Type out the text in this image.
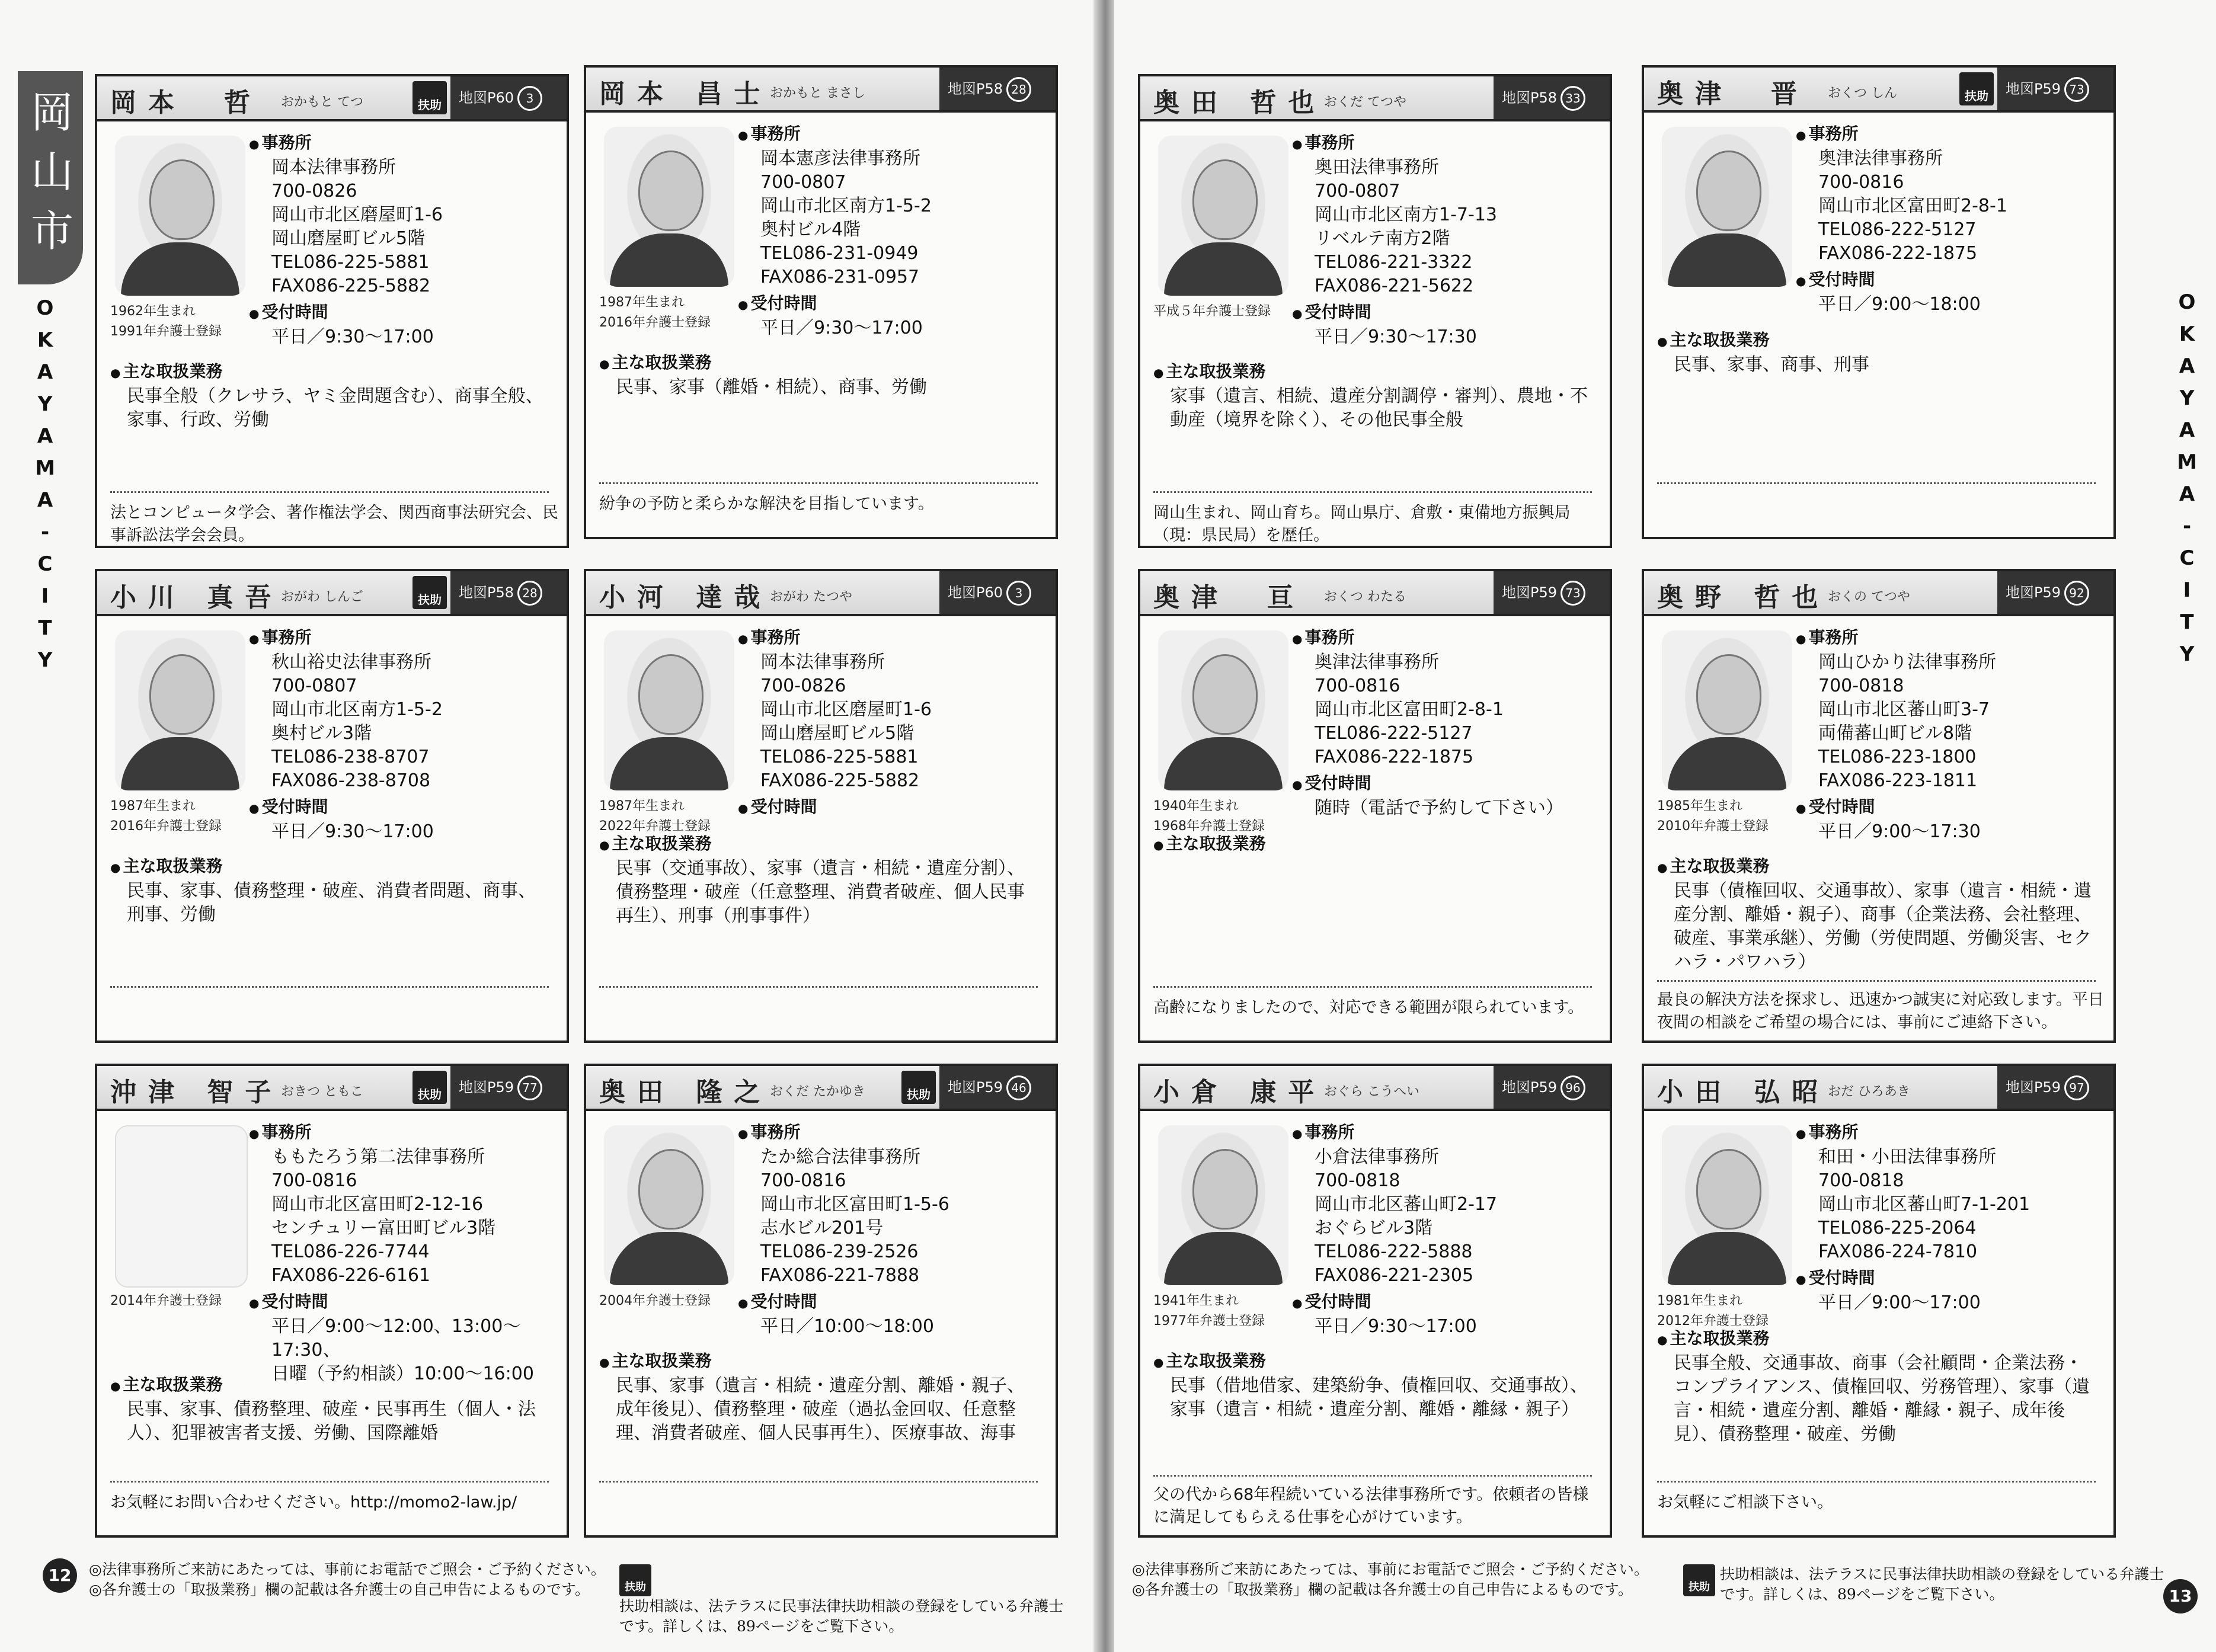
岡山市
OKAYAMA-CITY
12	◎法律事務所ご来訪にあたっては、事前にお電話でご照会・ご予約ください。
◎各弁護士の「取扱業務」欄の記載は各弁護士の自己申告によるものです。	扶助扶助相談は、法テラスに民事法律扶助相談の登録をしている弁護士です。詳しくは、89ページをご覧下さい。
OKAYAMA-CITY
◎法律事務所ご来訪にあたっては、事前にお電話でご照会・ご予約ください。
◎各弁護士の「取扱業務」欄の記載は各弁護士の自己申告によるものです。	扶助扶助相談は、法テラスに民事法律扶助相談の登録をしている弁護士です。詳しくは、89ページをご覧下さい。	13
岡本　哲 おかもと てつ	扶助	地図P60 3
1962年生まれ
1991年弁護士登録
● 事務所
岡本法律事務所
700-0826
岡山市北区磨屋町1-6
岡山磨屋町ビル5階
TEL086-225-5881
FAX086-225-5882
● 受付時間
平日／9:30～17:00
● 主な取扱業務
民事全般（クレサラ、ヤミ金問題含む）、商事全般、家事、行政、労働
法とコンピュータ学会、著作権法学会、関西商事法研究会、民事訴訟法学会会員。
岡本 昌士
おかもと まさし	地図P58 28
1987年生まれ
2016年弁護士登録
● 事務所
岡本憲彦法律事務所
700-0807
岡山市北区南方1-5-2
奥村ビル4階
TEL086-231-0949
FAX086-231-0957
● 受付時間
平日／9:30～17:00
● 主な取扱業務
民事、家事（離婚・相続）、商事、労働
紛争の予防と柔らかな解決を目指しています。
小川 真吾
おがわ しんご	扶助	地図P58 28
1987年生まれ
2016年弁護士登録
● 事務所
秋山裕史法律事務所
700-0807
岡山市北区南方1-5-2
奥村ビル3階
TEL086-238-8707
FAX086-238-8708
● 受付時間
平日／9:30～17:00
● 主な取扱業務
民事、家事、債務整理・破産、消費者問題、商事、刑事、労働
小河 達哉
おがわ たつや	地図P60 3
1987年生まれ
2022年弁護士登録
● 事務所
岡本法律事務所
700-0826
岡山市北区磨屋町1-6
岡山磨屋町ビル5階
TEL086-225-5881
FAX086-225-5882
● 受付時間
● 主な取扱業務
民事（交通事故）、家事（遺言・相続・遺産分割）、債務整理・破産（任意整理、消費者破産、個人民事再生）、刑事（刑事事件）
沖津 智子
おきつ ともこ	扶助	地図P59 77
2014年弁護士登録
● 事務所
ももたろう第二法律事務所
700-0816
岡山市北区富田町2-12-16
センチュリー富田町ビル3階
TEL086-226-7744
FAX086-226-6161
● 受付時間
平日／9:00～12:00、13:00～17:30、
日曜（予約相談）10:00～16:00
● 主な取扱業務
民事、家事、債務整理、破産・民事再生（個人・法人）、犯罪被害者支援、労働、国際離婚
お気軽にお問い合わせください。http://momo2-law.jp/
奥田 隆之
おくだ たかゆき	扶助	地図P59 46
2004年弁護士登録
● 事務所
たか総合法律事務所
700-0816
岡山市北区富田町1-5-6
志水ビル201号
TEL086-239-2526
FAX086-221-7888
● 受付時間
平日／10:00～18:00
● 主な取扱業務
民事、家事（遺言・相続・遺産分割、離婚・親子、成年後見）、債務整理・破産（過払金回収、任意整理、消費者破産、個人民事再生）、医療事故、海事
奥田 哲也
おくだ てつや	地図P58 33
平成５年弁護士登録
● 事務所
奥田法律事務所
700-0807
岡山市北区南方1-7-13
リベルテ南方2階
TEL086-221-3322
FAX086-221-5622
● 受付時間
平日／9:30～17:30
● 主な取扱業務
家事（遺言、相続、遺産分割調停・審判）、農地・不動産（境界を除く）、その他民事全般
岡山生まれ、岡山育ち。岡山県庁、倉敷・東備地方振興局（現：県民局）を歴任。
奥津　晋 おくつ しん	扶助	地図P59 73
● 事務所
奥津法律事務所
700-0816
岡山市北区富田町2-8-1
TEL086-222-5127
FAX086-222-1875
● 受付時間
平日／9:00～18:00
● 主な取扱業務
民事、家事、商事、刑事
奥津　亘 おくつ わたる	地図P59 73
1940年生まれ
1968年弁護士登録
● 事務所
奥津法律事務所
700-0816
岡山市北区富田町2-8-1
TEL086-222-5127
FAX086-222-1875
● 受付時間
随時（電話で予約して下さい）
● 主な取扱業務
高齢になりましたので、対応できる範囲が限られています。
奥野 哲也
おくの てつや	地図P59 92
1985年生まれ
2010年弁護士登録
● 事務所
岡山ひかり法律事務所
700-0818
岡山市北区蕃山町3-7
両備蕃山町ビル8階
TEL086-223-1800
FAX086-223-1811
● 受付時間
平日／9:00～17:30
● 主な取扱業務
民事（債権回収、交通事故）、家事（遺言・相続・遺産分割、離婚・親子）、商事（企業法務、会社整理、破産、事業承継）、労働（労使問題、労働災害、セクハラ・パワハラ）
最良の解決方法を探求し、迅速かつ誠実に対応致します。平日夜間の相談をご希望の場合には、事前にご連絡下さい。
小倉 康平
おぐら こうへい	地図P59 96
1941年生まれ
1977年弁護士登録
● 事務所
小倉法律事務所
700-0818
岡山市北区蕃山町2-17
おぐらビル3階
TEL086-222-5888
FAX086-221-2305
● 受付時間
平日／9:30～17:00
● 主な取扱業務
民事（借地借家、建築紛争、債権回収、交通事故）、家事（遺言・相続・遺産分割、離婚・離縁・親子）
父の代から68年程続いている法律事務所です。依頼者の皆様に満足してもらえる仕事を心がけています。
小田 弘昭
おだ ひろあき	地図P59 97
1981年生まれ
2012年弁護士登録
● 事務所
和田・小田法律事務所
700-0818
岡山市北区蕃山町7-1-201
TEL086-225-2064
FAX086-224-7810
● 受付時間
平日／9:00～17:00
● 主な取扱業務
民事全般、交通事故、商事（会社顧問・企業法務・コンプライアンス、債権回収、労務管理）、家事（遺言・相続・遺産分割、離婚・離縁・親子、成年後見）、債務整理・破産、労働
お気軽にご相談下さい。
